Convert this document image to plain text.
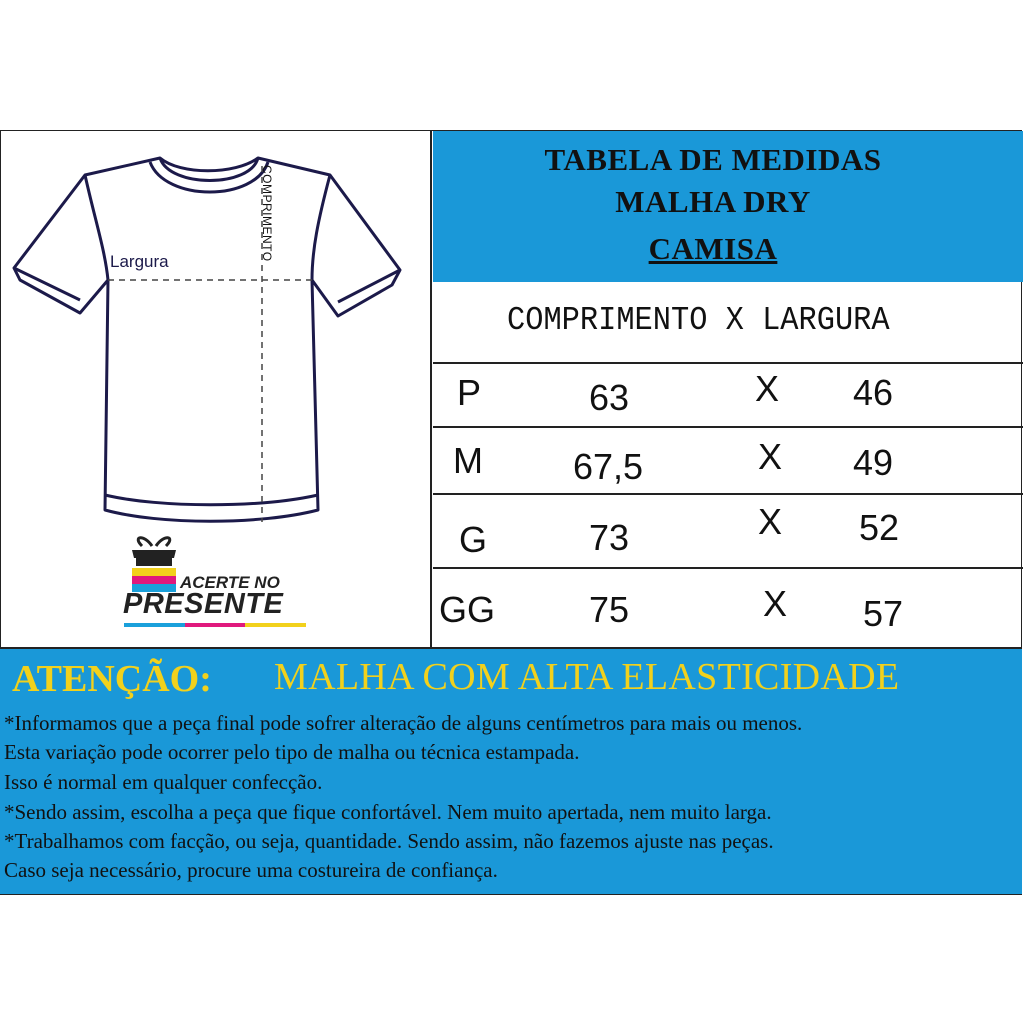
Largura	COMPRIMENTO
ACERTE NO
PRESENTE
TABELA DE MEDIDAS
MALHA DRY
CAMISA
COMPRIMENTO X LARGURA
P	63	X 46
M	67,5	X 49
G	73	X 52
GG	75	X 57
ATENÇÃO: MALHA COM ALTA ELASTICIDADE
*Informamos que a peça final pode sofrer alteração de alguns centímetros para mais ou menos.
Esta variação pode ocorrer pelo tipo de malha ou técnica estampada.
Isso é normal em qualquer confecção.
*Sendo assim, escolha a peça que fique confortável. Nem muito apertada, nem muito larga.
*Trabalhamos com facção, ou seja, quantidade. Sendo assim, não fazemos ajuste nas peças.
Caso seja necessário, procure uma costureira de confiança.
